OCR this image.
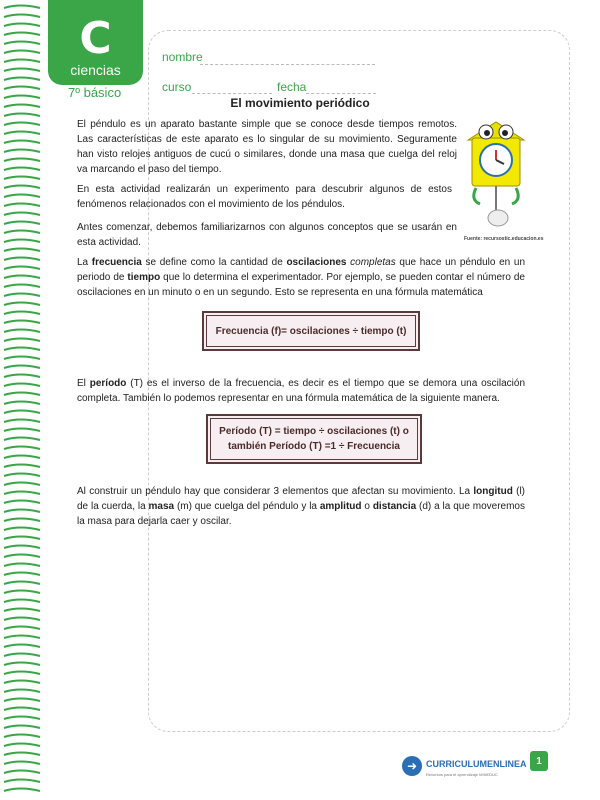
C
ciencias
7º básico
nombre
curso	fecha
El movimiento periódico
El péndulo es un aparato bastante simple que se conoce desde tiempos remotos. Las características de este aparato es lo singular de su movimiento. Seguramente han visto relojes antiguos de cucú o similares, donde una masa que cuelga del reloj va marcando el paso del tiempo.
En esta actividad realizarán un experimento para descubrir algunos de estos fenómenos relacionados con el movimiento de los péndulos.
Antes comenzar, debemos familiarizarnos con algunos conceptos que se usarán en esta actividad.	Fuente: recursostic.educacion.es
La frecuencia se define como la cantidad de oscilaciones completas que hace un péndulo en un periodo de tiempo que lo determina el experimentador. Por ejemplo, se pueden contar el número de oscilaciones en un minuto o en un segundo. Esto se representa en una fórmula matemática
Frecuencia (f)= oscilaciones ÷ tiempo (t)
El período (T) es el inverso de la frecuencia, es decir es el tiempo que se demora una oscilación completa. También lo podemos representar en una fórmula matemática de la siguiente manera.
Período (T) = tiempo ÷ oscilaciones (t) o
también Período (T) =1 ÷ Frecuencia
Al construir un péndulo hay que considerar 3 elementos que afectan su movimiento. La longitud (l) de la cuerda, la masa (m) que cuelga del péndulo y la amplitud o distancia (d) a la que moveremos la masa para dejarla caer y oscilar.
➜ CURRICULUMENLINEA
Recursos para el aprendizaje MINEDUC
1
